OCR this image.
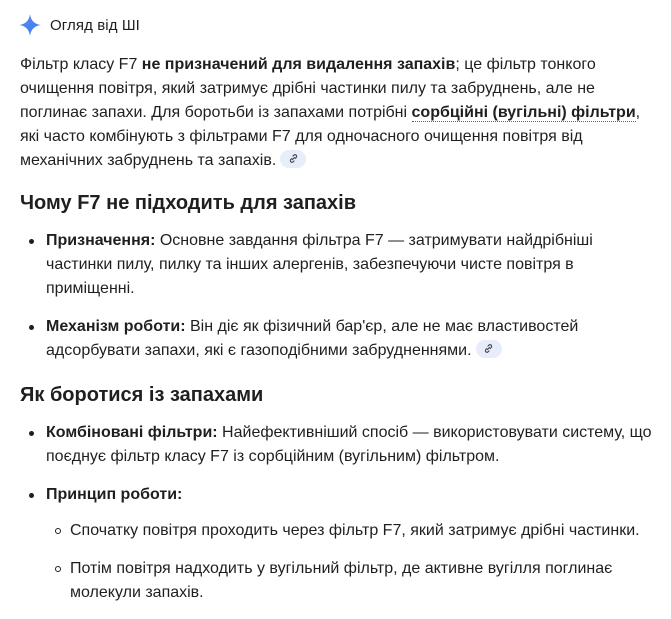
Огляд від ШІ

Фільтр класу F7 не призначений для видалення запахів; це фільтр тонкого очищення повітря, який затримує дрібні частинки пилу та забруднень, але не поглинає запахи. Для боротьби із запахами потрібні сорбційні (вугільні) фільтри, які часто комбінують з фільтрами F7 для одночасного очищення повітря від механічних забруднень та запахів.

Чому F7 не підходить для запахів
Призначення: Основне завдання фільтра F7 — затримувати найдрібніші частинки пилу, пилку та інших алергенів, забезпечуючи чисте повітря в приміщенні.
Механізм роботи: Він діє як фізичний бар'єр, але не має властивостей адсорбувати запахи, які є газоподібними забрудненнями.
Як боротися із запахами
Комбіновані фільтри: Найефективніший спосіб — використовувати систему, що поєднує фільтр класу F7 із сорбційним (вугільним) фільтром.
Принцип роботи:
Спочатку повітря проходить через фільтр F7, який затримує дрібні частинки.
Потім повітря надходить у вугільний фільтр, де активне вугілля поглинає молекули запахів.
